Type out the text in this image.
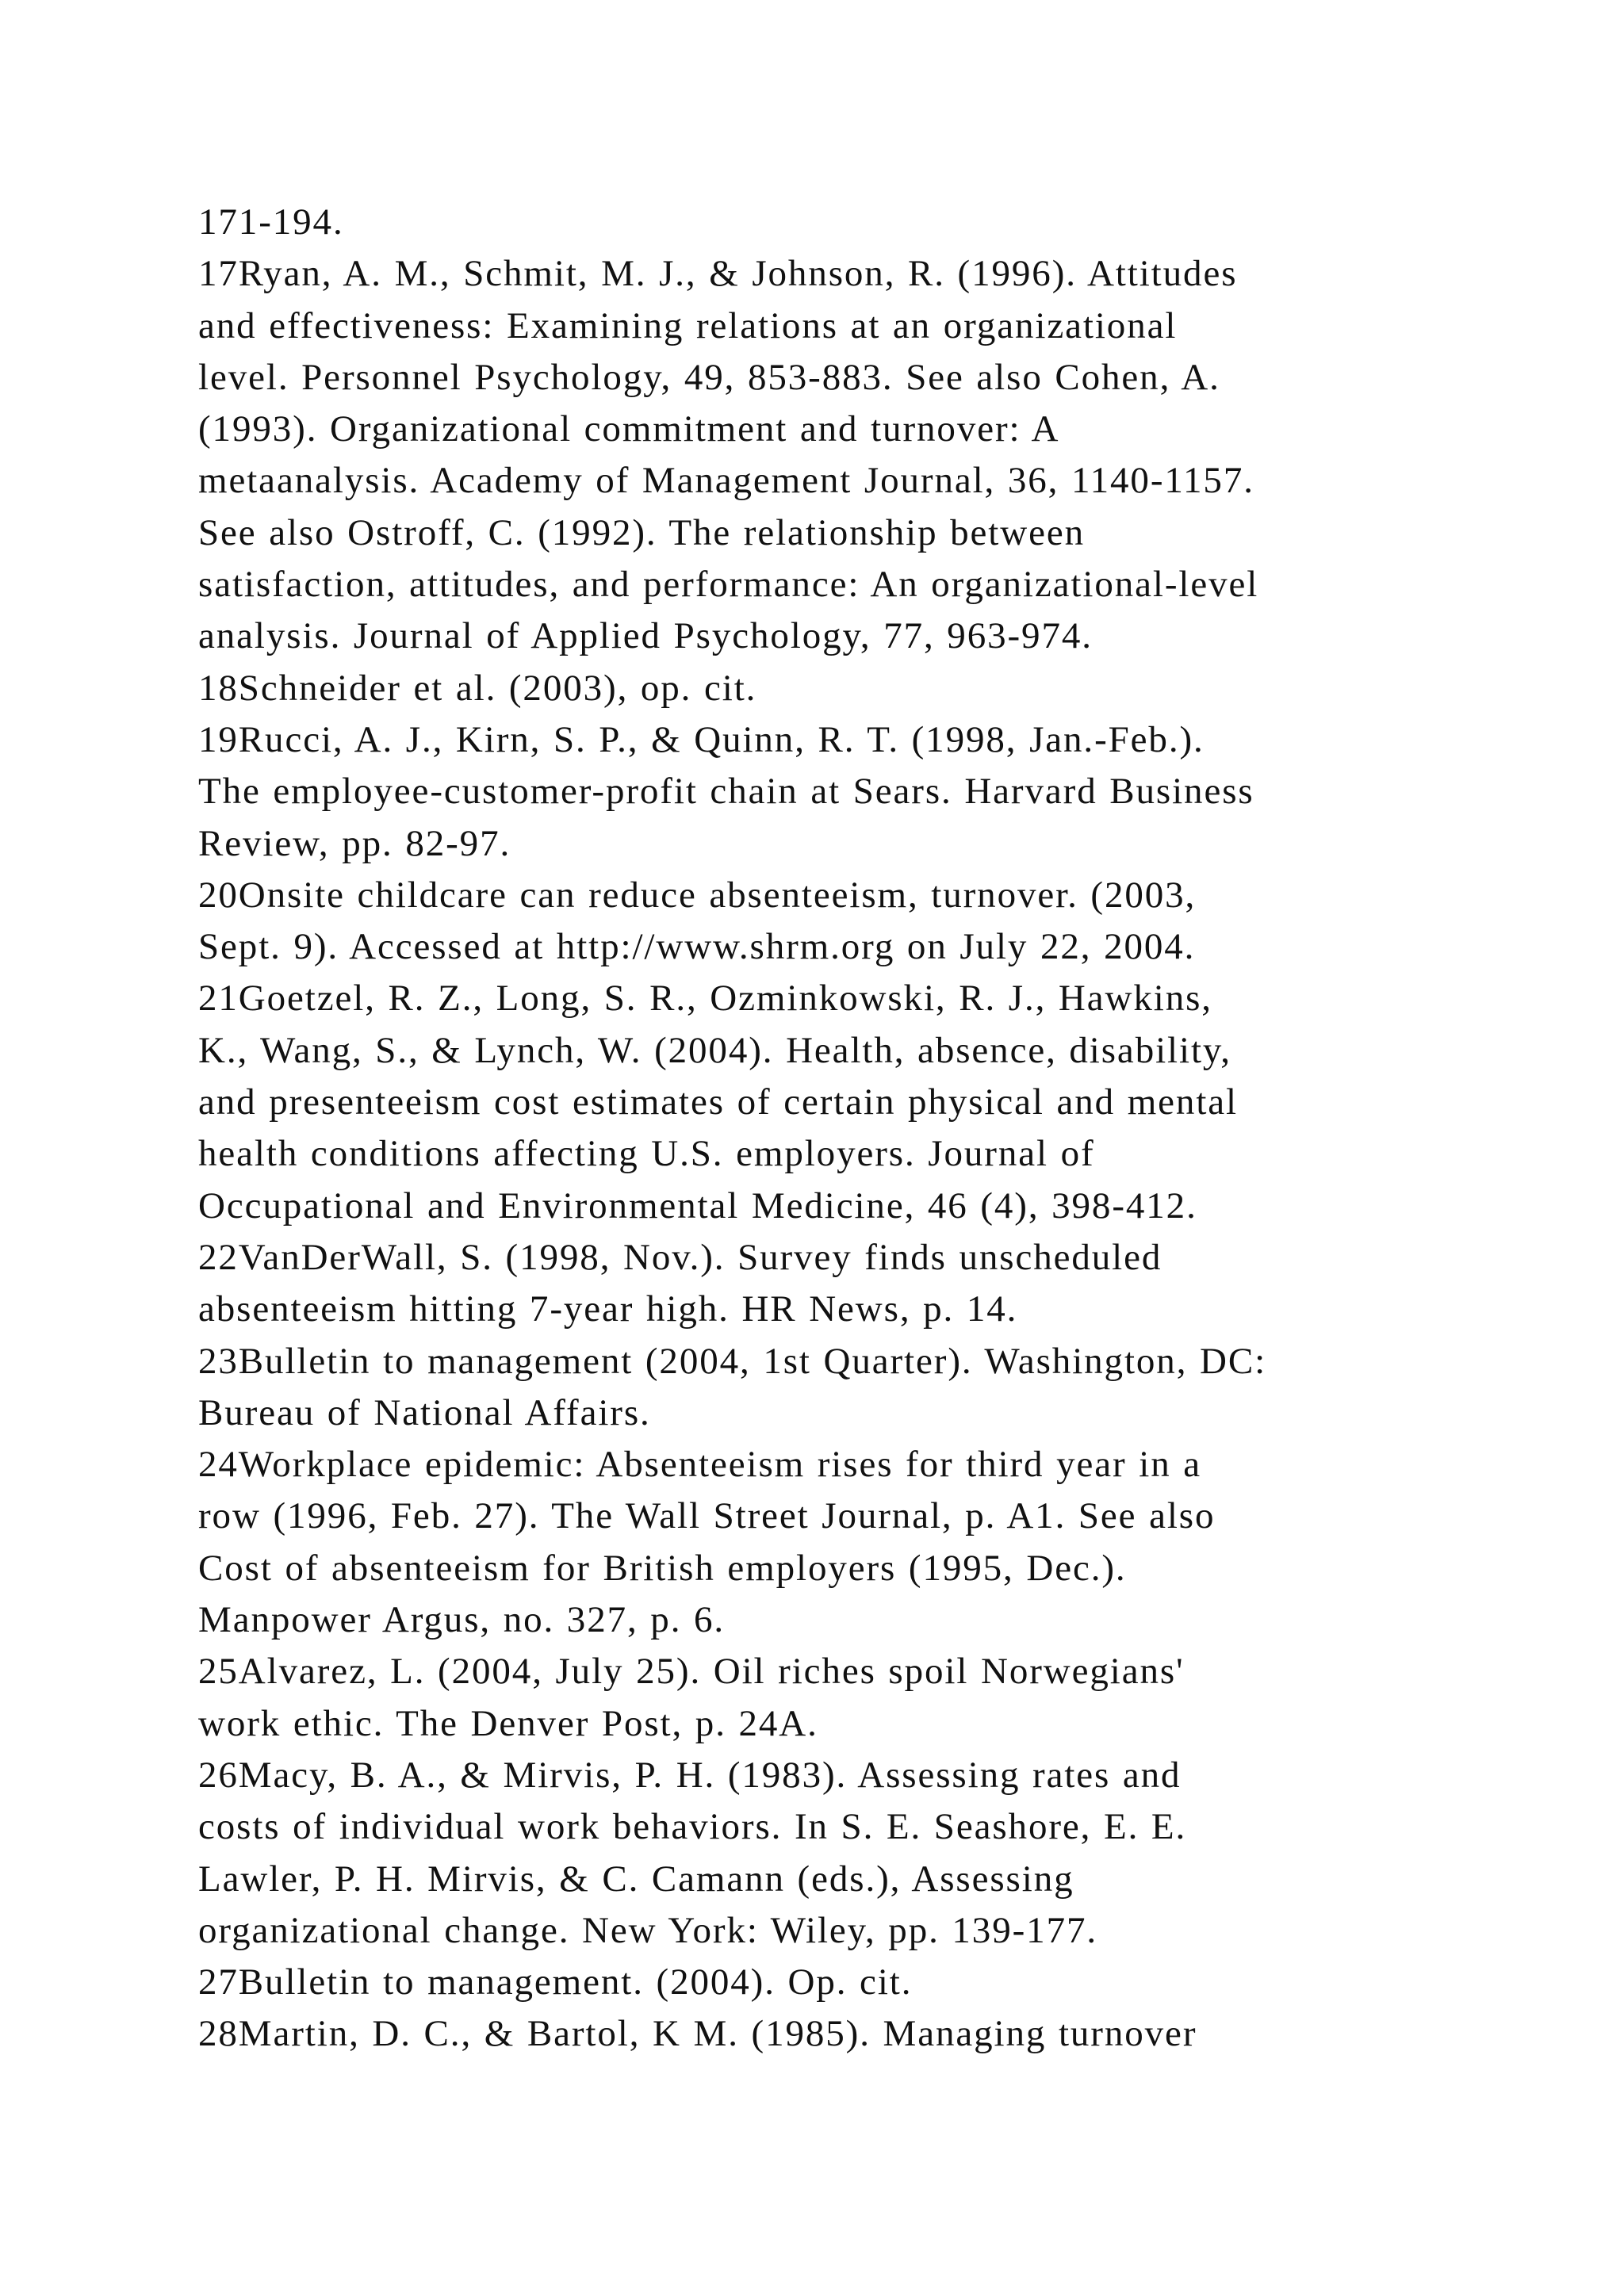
171-194.
17Ryan, A. M., Schmit, M. J., & Johnson, R. (1996). Attitudes
and effectiveness: Examining relations at an organizational
level. Personnel Psychology, 49, 853-883. See also Cohen, A.
(1993). Organizational commitment and turnover: A
metaanalysis. Academy of Management Journal, 36, 1140-1157.
See also Ostroff, C. (1992). The relationship between
satisfaction, attitudes, and performance: An organizational-level
analysis. Journal of Applied Psychology, 77, 963-974.
18Schneider et al. (2003), op. cit.
19Rucci, A. J., Kirn, S. P., & Quinn, R. T. (1998, Jan.-Feb.).
The employee-customer-profit chain at Sears. Harvard Business
Review, pp. 82-97.
20Onsite childcare can reduce absenteeism, turnover. (2003,
Sept. 9). Accessed at http://www.shrm.org on July 22, 2004.
21Goetzel, R. Z., Long, S. R., Ozminkowski, R. J., Hawkins,
K., Wang, S., & Lynch, W. (2004). Health, absence, disability,
and presenteeism cost estimates of certain physical and mental
health conditions affecting U.S. employers. Journal of
Occupational and Environmental Medicine, 46 (4), 398-412.
22VanDerWall, S. (1998, Nov.). Survey finds unscheduled
absenteeism hitting 7-year high. HR News, p. 14.
23Bulletin to management (2004, 1st Quarter). Washington, DC:
Bureau of National Affairs.
24Workplace epidemic: Absenteeism rises for third year in a
row (1996, Feb. 27). The Wall Street Journal, p. A1. See also
Cost of absenteeism for British employers (1995, Dec.).
Manpower Argus, no. 327, p. 6.
25Alvarez, L. (2004, July 25). Oil riches spoil Norwegians'
work ethic. The Denver Post, p. 24A.
26Macy, B. A., & Mirvis, P. H. (1983). Assessing rates and
costs of individual work behaviors. In S. E. Seashore, E. E.
Lawler, P. H. Mirvis, & C. Camann (eds.), Assessing
organizational change. New York: Wiley, pp. 139-177.
27Bulletin to management. (2004). Op. cit.
28Martin, D. C., & Bartol, K M. (1985). Managing turnover
